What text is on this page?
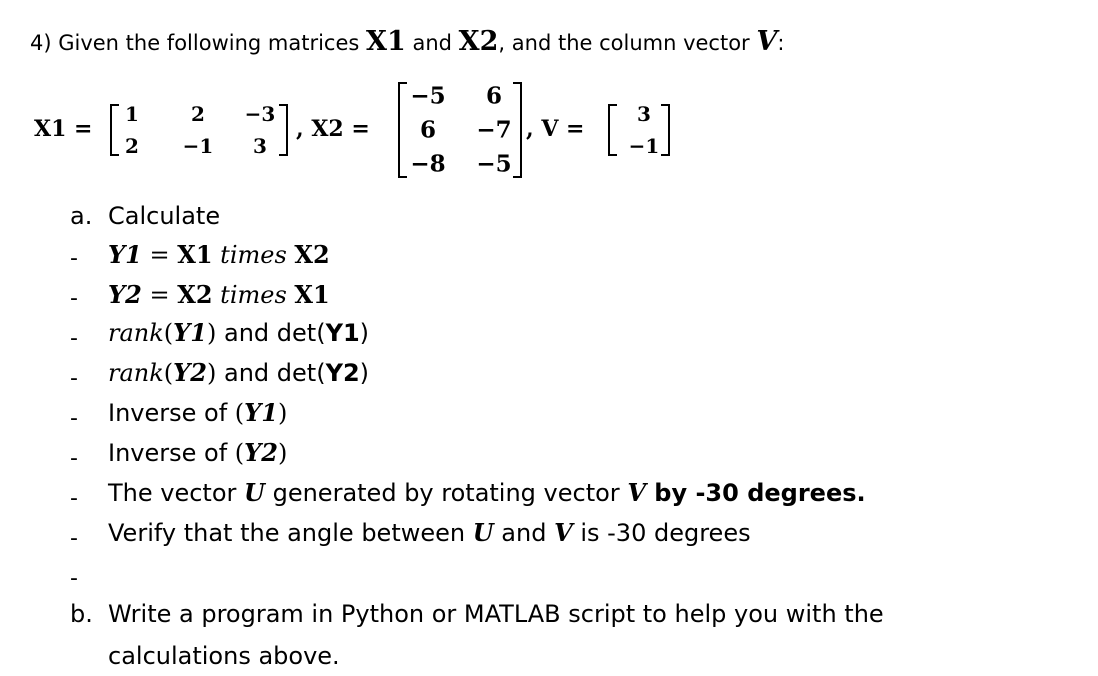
4) Given the following matrices X1 and X2, and the column vector V:
X1 =
1	2 −3
2 −1 3
, X2 =
−5 6
6 −7
−8 −5
, V =
3
−1
a. Calculate
- Y1 = X1 times X2
- Y2 = X2 times X1
- rank(Y1) and det(Y1)
- rank(Y2) and det(Y2)
- Inverse of (Y1)
- Inverse of (Y2)
- The vector U generated by rotating vector V by -30 degrees.
- Verify that the angle between U and V is -30 degrees
-
b. Write a program in Python or MATLAB script to help you with the
calculations above.
